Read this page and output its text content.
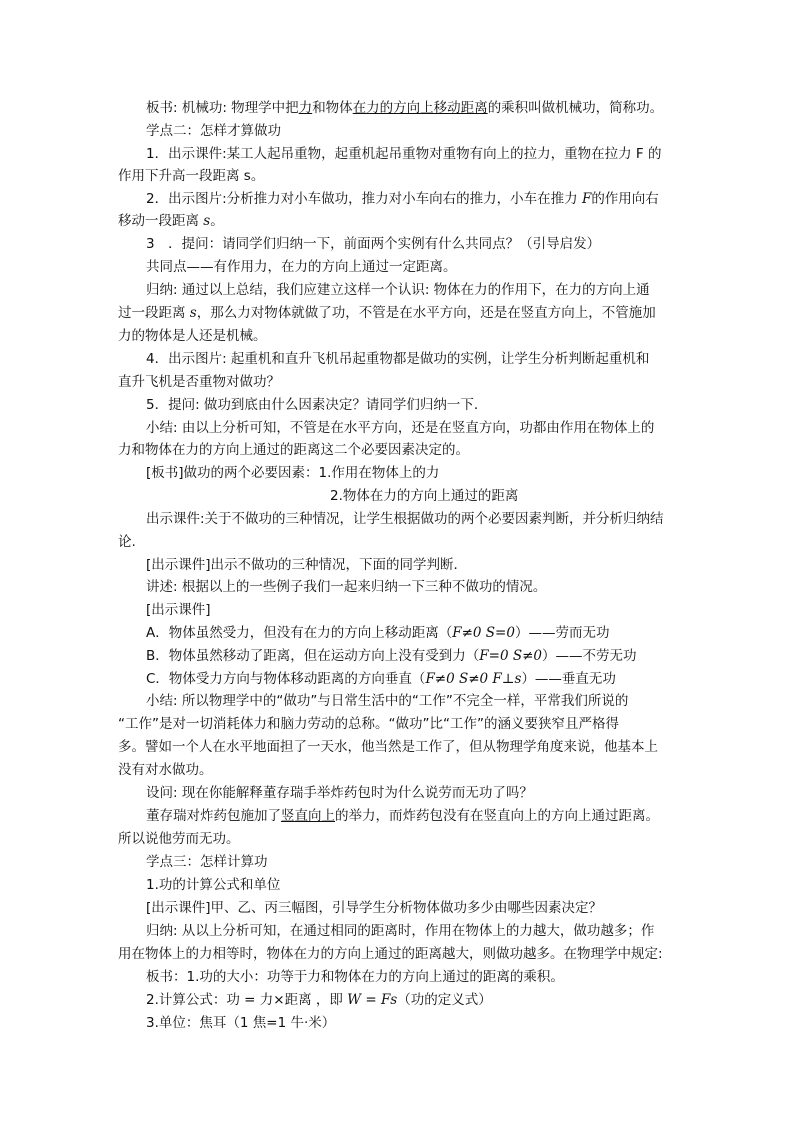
板书: 机械功: 物理学中把力和物体在力的方向上移动距离的乘积叫做机械功，简称功。
学点二：怎样才算做功
1．出示课件:某工人起吊重物，起重机起吊重物对重物有向上的拉力，重物在拉力 F 的
作用下升高一段距离 s。
2．出示图片:分析推力对小车做功，推力对小车向右的推力，小车在推力 F的作用向右
移动一段距离 s。
3　．提问：请同学们归纳一下，前面两个实例有什么共同点？（引导启发）
共同点——有作用力，在力的方向上通过一定距离。
归纳: 通过以上总结，我们应建立这样一个认识: 物体在力的作用下，在力的方向上通
过一段距离 s，那么力对物体就做了功，不管是在水平方向，还是在竖直方向上，不管施加
力的物体是人还是机械。
4．出示图片: 起重机和直升飞机吊起重物都是做功的实例，让学生分析判断起重机和
直升飞机是否重物对做功？
5．提问: 做功到底由什么因素决定？请同学们归纳一下．
小结: 由以上分析可知，不管是在水平方向，还是在竖直方向，功都由作用在物体上的
力和物体在力的方向上通过的距离这二个必要因素决定的。
[板书]做功的两个必要因素：1.作用在物体上的力
2.物体在力的方向上通过的距离
出示课件:关于不做功的三种情况，让学生根据做功的两个必要因素判断，并分析归纳结
论.
[出示课件]出示不做功的三种情况，下面的同学判断．
讲述: 根据以上的一些例子我们一起来归纳一下三种不做功的情况。
[出示课件]
A．物体虽然受力，但没有在力的方向上移动距离（F≠0 S=0）——劳而无功
B．物体虽然移动了距离，但在运动方向上没有受到力（F=0 S≠0）——不劳无功
C．物体受力方向与物体移动距离的方向垂直（F≠0 S≠0 F⊥s）——垂直无功
小结: 所以物理学中的“做功”与日常生活中的“工作”不完全一样，平常我们所说的
“工作”是对一切消耗体力和脑力劳动的总称。“做功”比“工作”的涵义要狭窄且严格得
多。譬如一个人在水平地面担了一天水，他当然是工作了，但从物理学角度来说，他基本上
没有对水做功。
设问: 现在你能解释董存瑞手举炸药包时为什么说劳而无功了吗？
董存瑞对炸药包施加了竖直向上的举力，而炸药包没有在竖直向上的方向上通过距离。
所以说他劳而无功。
学点三：怎样计算功
1.功的计算公式和单位
[出示课件]甲、乙、丙三幅图，引导学生分析物体做功多少由哪些因素决定？
归纳: 从以上分析可知，在通过相同的距离时，作用在物体上的力越大，做功越多；作
用在物体上的力相等时，物体在力的方向上通过的距离越大，则做功越多。在物理学中规定:
板书：1.功的大小：功等于力和物体在力的方向上通过的距离的乘积。
2.计算公式：功 = 力×距离 ，即 W = Fs（功的定义式）
3.单位：焦耳（1 焦=1 牛·米）
